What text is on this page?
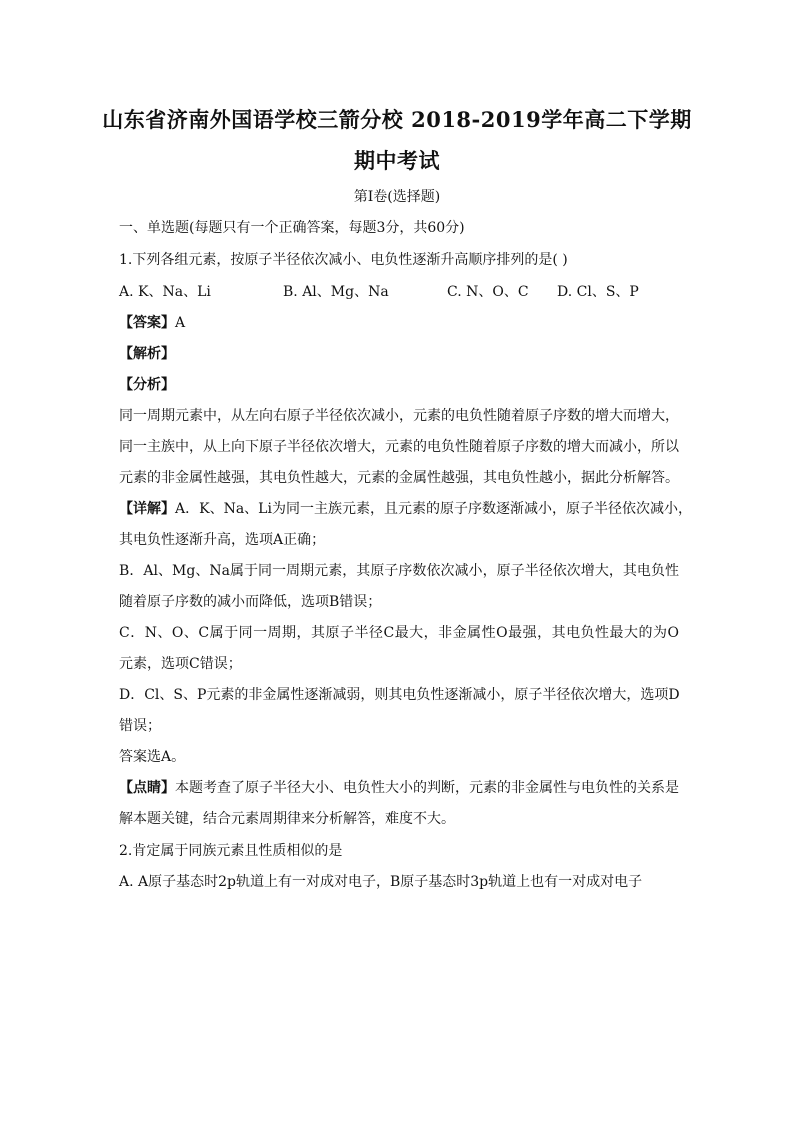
山东省济南外国语学校三箭分校 2018-2019学年高二下学期
期中考试
第I卷(选择题)
一、单选题(每题只有一个正确答案，每题3分，共60分)
1.下列各组元素，按原子半径依次减小、电负性逐渐升高顺序排列的是( )
A. K、Na、Li	B. Al、Mg、Na	C. N、O、C D. Cl、S、P
【答案】A
【解析】
【分析】
同一周期元素中，从左向右原子半径依次减小，元素的电负性随着原子序数的增大而增大，
同一主族中，从上向下原子半径依次增大，元素的电负性随着原子序数的增大而减小，所以
元素的非金属性越强，其电负性越大，元素的金属性越强，其电负性越小，据此分析解答。
【详解】 A．K、Na、Li为同一主族元素，且元素的原子序数逐渐减小，原子半径依次减小，
其电负性逐渐升高，选项A正确；
B．Al、Mg、Na属于同一周期元素，其原子序数依次减小，原子半径依次增大，其电负性
随着原子序数的减小而降低，选项B错误；
C．N、O、C属于同一周期，其原子半径C最大，非金属性O最强，其电负性最大的为O
元素，选项C错误；
D．Cl、S、P元素的非金属性逐渐减弱，则其电负性逐渐减小，原子半径依次增大，选项D
错误；
答案选A。
【点睛】 本题考查了原子半径大小、电负性大小的判断，元素的非金属性与电负性的关系是
解本题关键，结合元素周期律来分析解答，难度不大。
2.肯定属于同族元素且性质相似的是
A. A原子基态时2p轨道上有一对成对电子，B原子基态时3p轨道上也有一对成对电子
